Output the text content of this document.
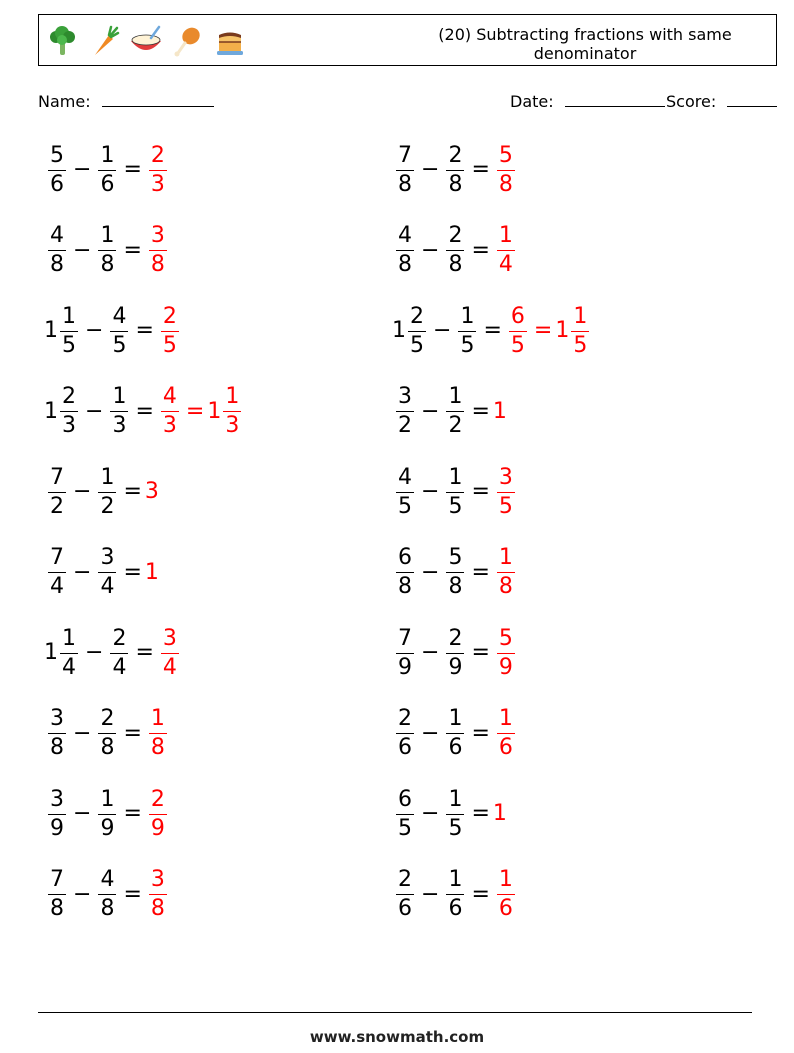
(20) Subtracting fractions with same denominator
Name:	Date:	Score:
$\frac{5}{6} - \frac{1}{6} = \frac{2}{3}$	$\frac{7}{8} - \frac{2}{8} = \frac{5}{8}$
$\frac{4}{8} - \frac{1}{8} = \frac{3}{8}$	$\frac{4}{8} - \frac{2}{8} = \frac{1}{4}$
$1 \frac{1}{5} - \frac{4}{5} = \frac{2}{5}$	$1 \frac{2}{5} - \frac{1}{5} = \frac{6}{5} = 1 \frac{1}{5}$
$1 \frac{2}{3} - \frac{1}{3} = \frac{4}{3} = 1 \frac{1}{3}$	$\frac{3}{2} - \frac{1}{2} = 1$
$\frac{7}{2} - \frac{1}{2} = 3$	$\frac{4}{5} - \frac{1}{5} = \frac{3}{5}$
$\frac{7}{4} - \frac{3}{4} = 1$	$\frac{6}{8} - \frac{5}{8} = \frac{1}{8}$
$1 \frac{1}{4} - \frac{2}{4} = \frac{3}{4}$	$\frac{7}{9} - \frac{2}{9} = \frac{5}{9}$
$\frac{3}{8} - \frac{2}{8} = \frac{1}{8}$	$\frac{2}{6} - \frac{1}{6} = \frac{1}{6}$
$\frac{3}{9} - \frac{1}{9} = \frac{2}{9}$	$\frac{6}{5} - \frac{1}{5} = 1$
$\frac{7}{8} - \frac{4}{8} = \frac{3}{8}$	$\frac{2}{6} - \frac{1}{6} = \frac{1}{6}$
www.snowmath.com
